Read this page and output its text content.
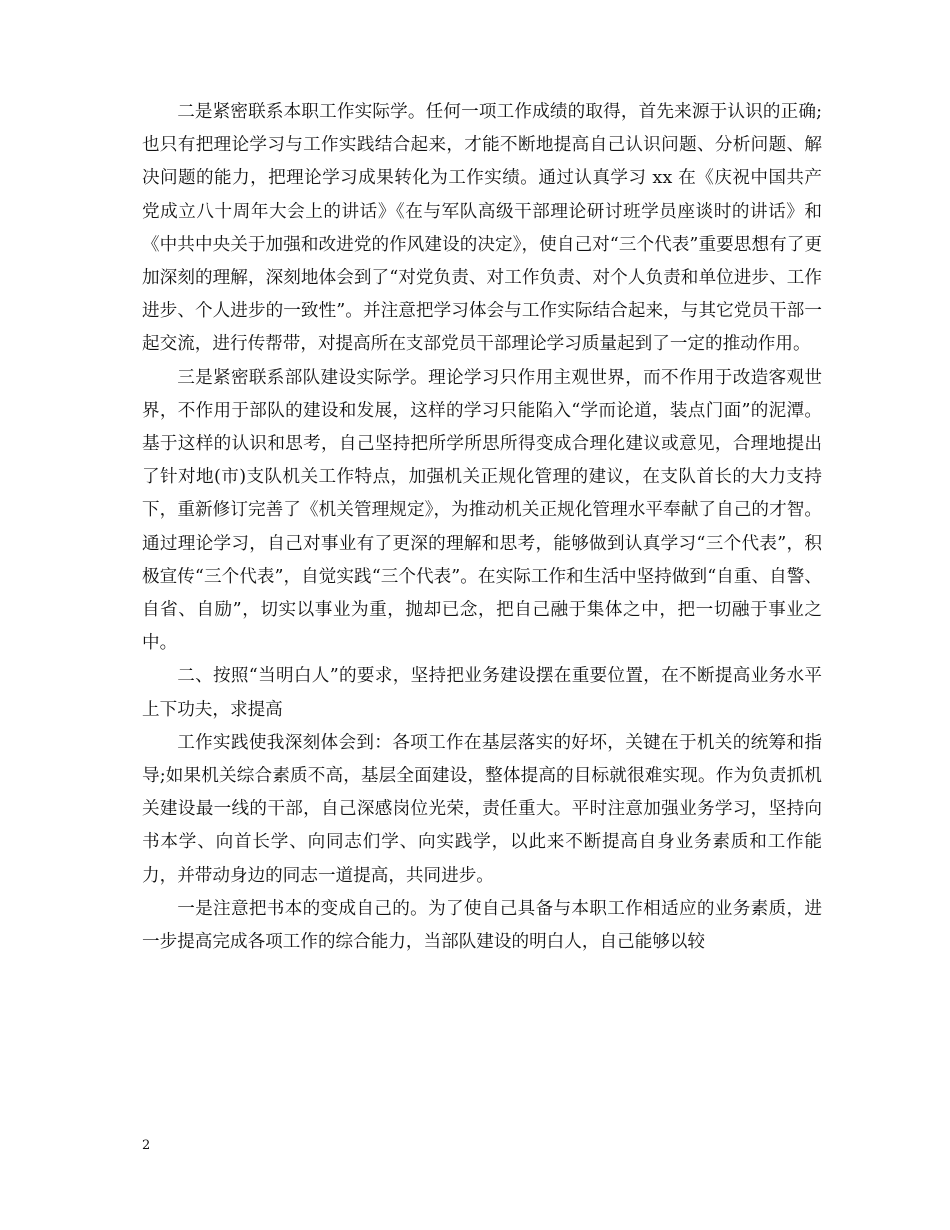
二是紧密联系本职工作实际学。任何一项工作成绩的取得，首先来源于认识的正确;也只有把理论学习与工作实践结合起来，才能不断地提高自己认识问题、分析问题、解决问题的能力，把理论学习成果转化为工作实绩。通过认真学习 xx 在《庆祝中国共产党成立八十周年大会上的讲话》《在与军队高级干部理论研讨班学员座谈时的讲话》和《中共中央关于加强和改进党的作风建设的决定》，使自己对“三个代表”重要思想有了更加深刻的理解，深刻地体会到了“对党负责、对工作负责、对个人负责和单位进步、工作进步、个人进步的一致性”。并注意把学习体会与工作实际结合起来，与其它党员干部一起交流，进行传帮带，对提高所在支部党员干部理论学习质量起到了一定的推动作用。

三是紧密联系部队建设实际学。理论学习只作用主观世界，而不作用于改造客观世界，不作用于部队的建设和发展，这样的学习只能陷入“学而论道，装点门面”的泥潭。基于这样的认识和思考，自己坚持把所学所思所得变成合理化建议或意见，合理地提出了针对地(市)支队机关工作特点，加强机关正规化管理的建议，在支队首长的大力支持下，重新修订完善了《机关管理规定》，为推动机关正规化管理水平奉献了自己的才智。通过理论学习，自己对事业有了更深的理解和思考，能够做到认真学习“三个代表”，积极宣传“三个代表”，自觉实践“三个代表”。在实际工作和生活中坚持做到“自重、自警、自省、自励”，切实以事业为重，抛却已念，把自己融于集体之中，把一切融于事业之中。

二、按照“当明白人”的要求，坚持把业务建设摆在重要位置，在不断提高业务水平上下功夫，求提高

工作实践使我深刻体会到：各项工作在基层落实的好坏，关键在于机关的统筹和指导;如果机关综合素质不高，基层全面建设，整体提高的目标就很难实现。作为负责抓机关建设最一线的干部，自己深感岗位光荣，责任重大。平时注意加强业务学习，坚持向书本学、向首长学、向同志们学、向实践学，以此来不断提高自身业务素质和工作能力，并带动身边的同志一道提高，共同进步。

一是注意把书本的变成自己的。为了使自己具备与本职工作相适应的业务素质，进一步提高完成各项工作的综合能力，当部队建设的明白人，自己能够以较

2
